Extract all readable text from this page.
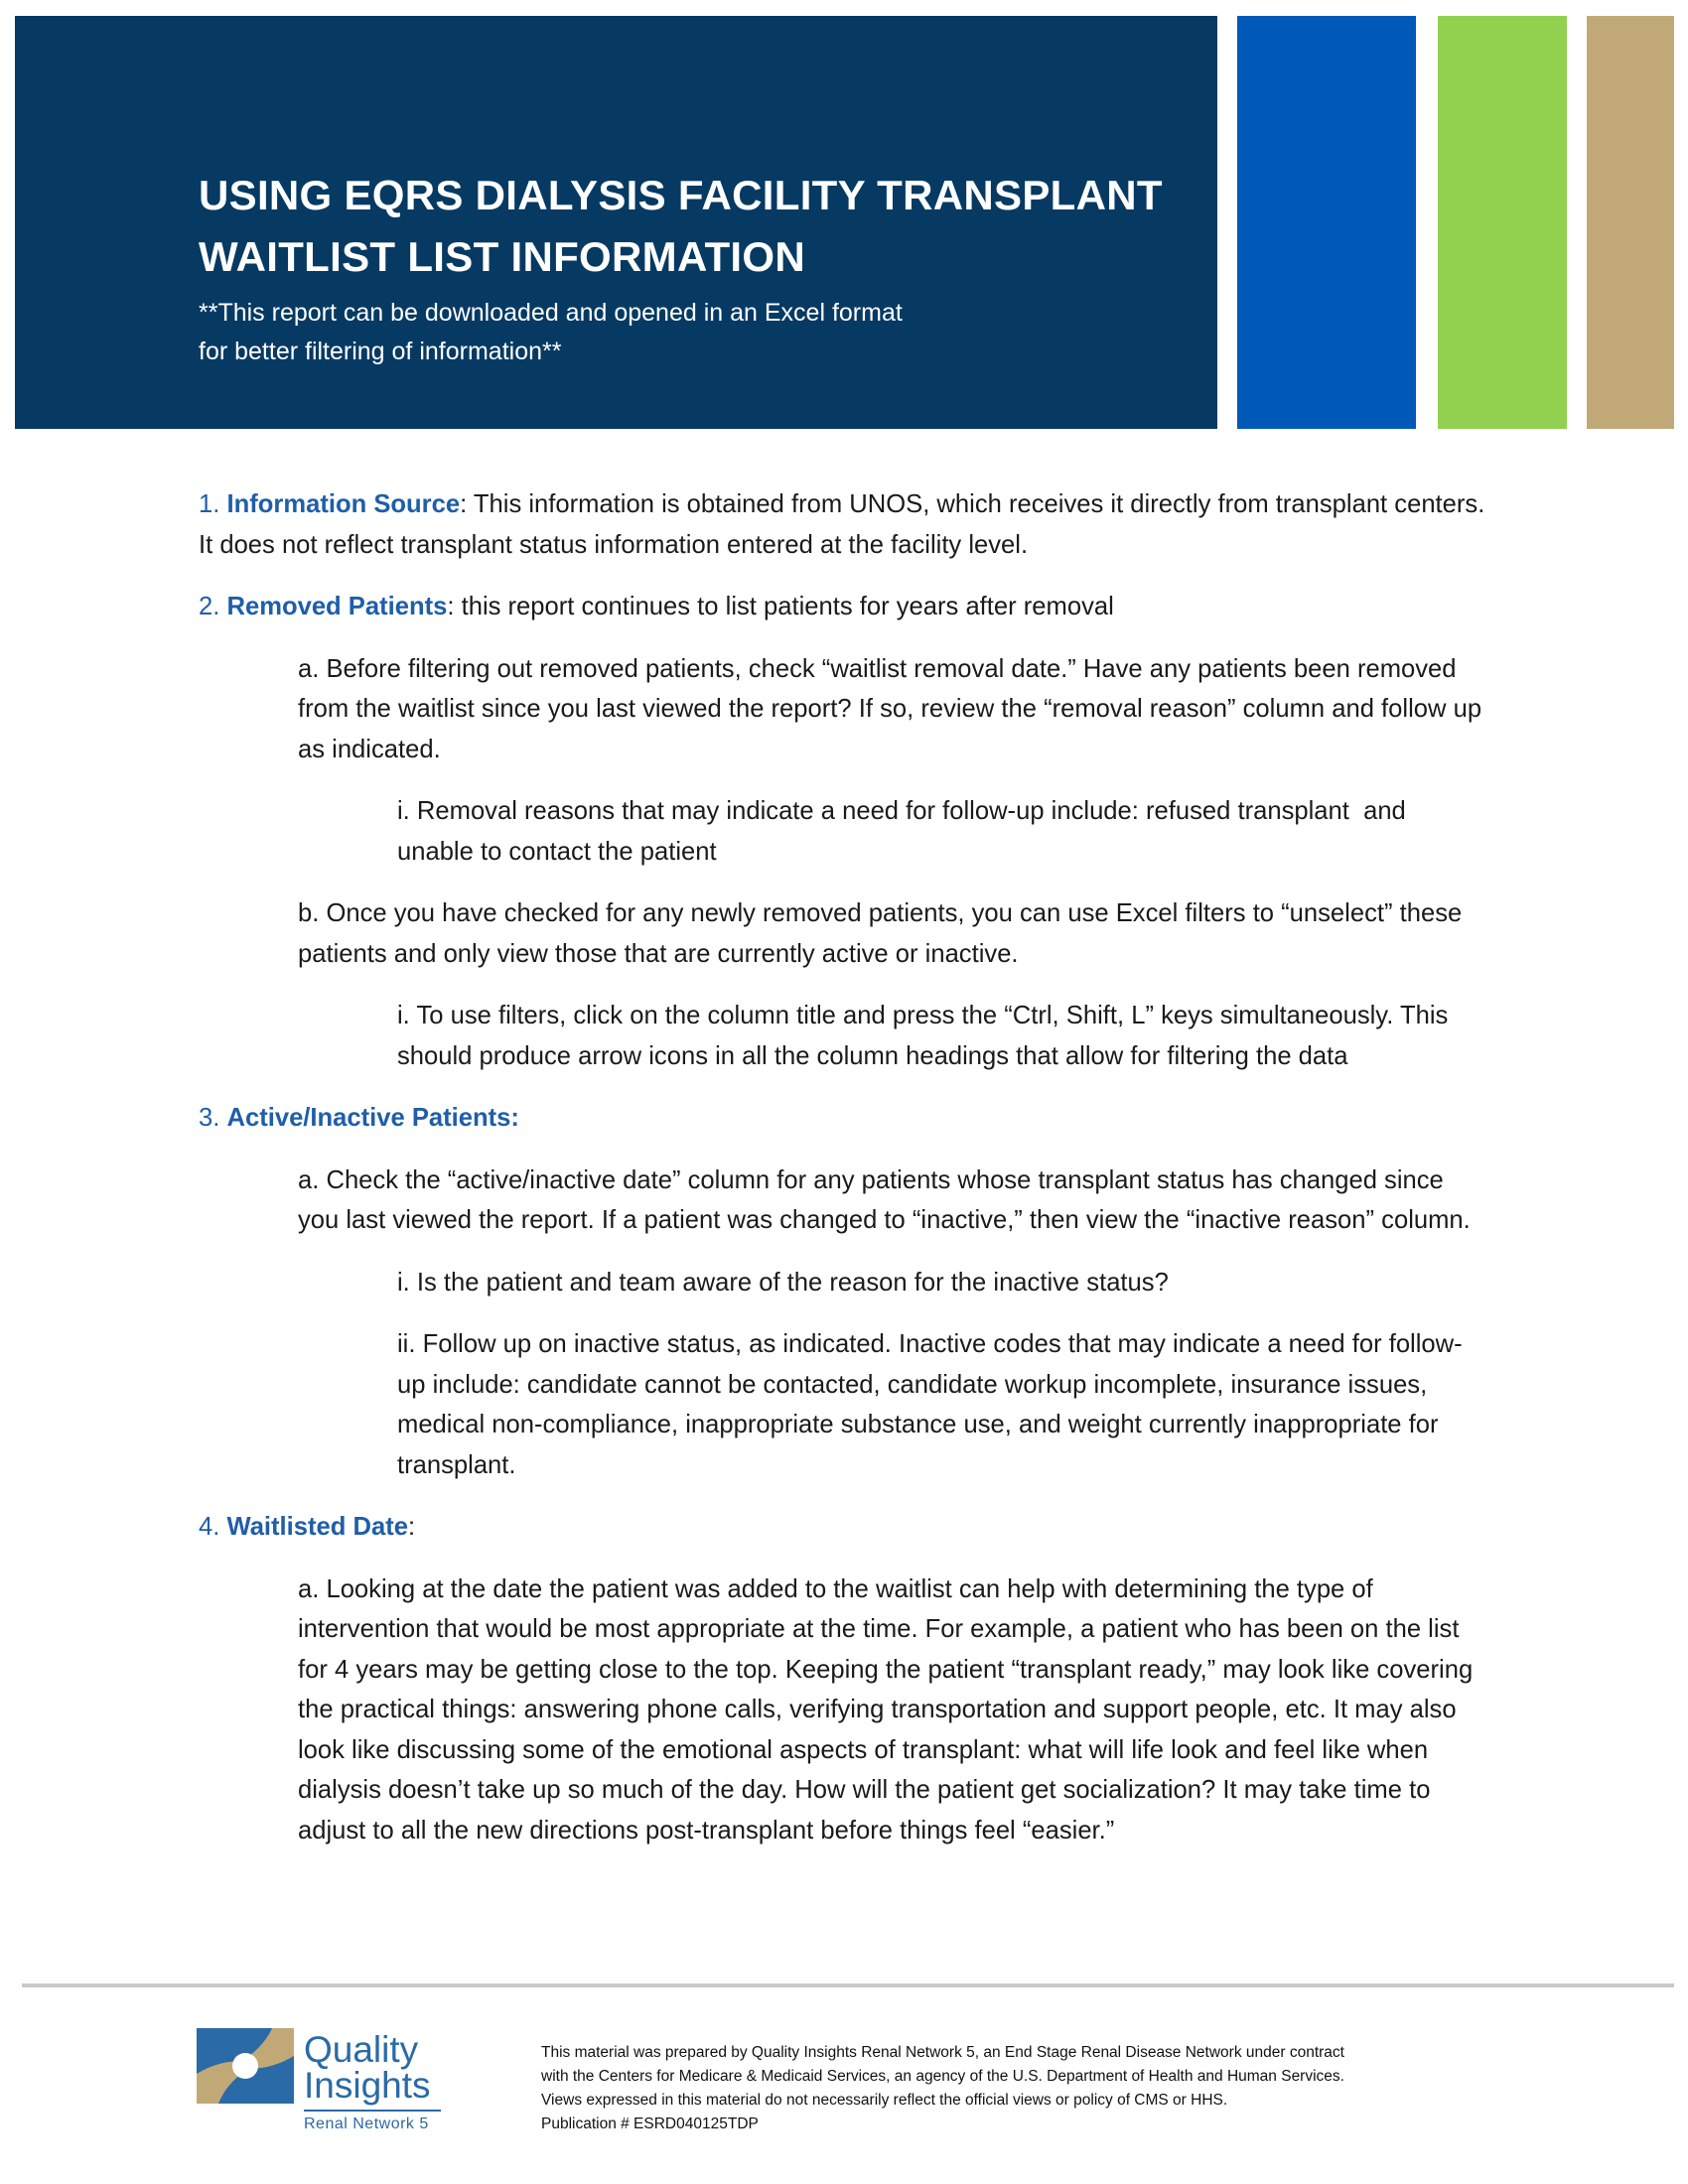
USING EQRS DIALYSIS FACILITY TRANSPLANT
WAITLIST LIST INFORMATION
**This report can be downloaded and opened in an Excel format
for better filtering of information**

1. Information Source: This information is obtained from UNOS, which receives it directly from transplant centers. It does not reflect transplant status information entered at the facility level.

2. Removed Patients: this report continues to list patients for years after removal

a. Before filtering out removed patients, check “waitlist removal date.” Have any patients been removed from the waitlist since you last viewed the report? If so, review the “removal reason” column and follow up as indicated.

i. Removal reasons that may indicate a need for follow-up include: refused transplant  and unable to contact the patient

b. Once you have checked for any newly removed patients, you can use Excel filters to “unselect” these patients and only view those that are currently active or inactive.

i. To use filters, click on the column title and press the “Ctrl, Shift, L” keys simultaneously. This should produce arrow icons in all the column headings that allow for filtering the data

3. Active/Inactive Patients:

a. Check the “active/inactive date” column for any patients whose transplant status has changed since you last viewed the report. If a patient was changed to “inactive,” then view the “inactive reason” column.

i. Is the patient and team aware of the reason for the inactive status?

ii. Follow up on inactive status, as indicated. Inactive codes that may indicate a need for follow-up include: candidate cannot be contacted, candidate workup incomplete, insurance issues, medical non-compliance, inappropriate substance use, and weight currently inappropriate for transplant.

4. Waitlisted Date:

a. Looking at the date the patient was added to the waitlist can help with determining the type of intervention that would be most appropriate at the time. For example, a patient who has been on the list for 4 years may be getting close to the top. Keeping the patient “transplant ready,” may look like covering the practical things: answering phone calls, verifying transportation and support people, etc. It may also look like discussing some of the emotional aspects of transplant: what will life look and feel like when dialysis doesn’t take up so much of the day. How will the patient get socialization? It may take time to adjust to all the new directions post-transplant before things feel “easier.”

Quality
Insights
Renal Network 5
This material was prepared by Quality Insights Renal Network 5, an End Stage Renal Disease Network under contract
with the Centers for Medicare & Medicaid Services, an agency of the U.S. Department of Health and Human Services.
Views expressed in this material do not necessarily reflect the official views or policy of CMS or HHS.
Publication # ESRD040125TDP
